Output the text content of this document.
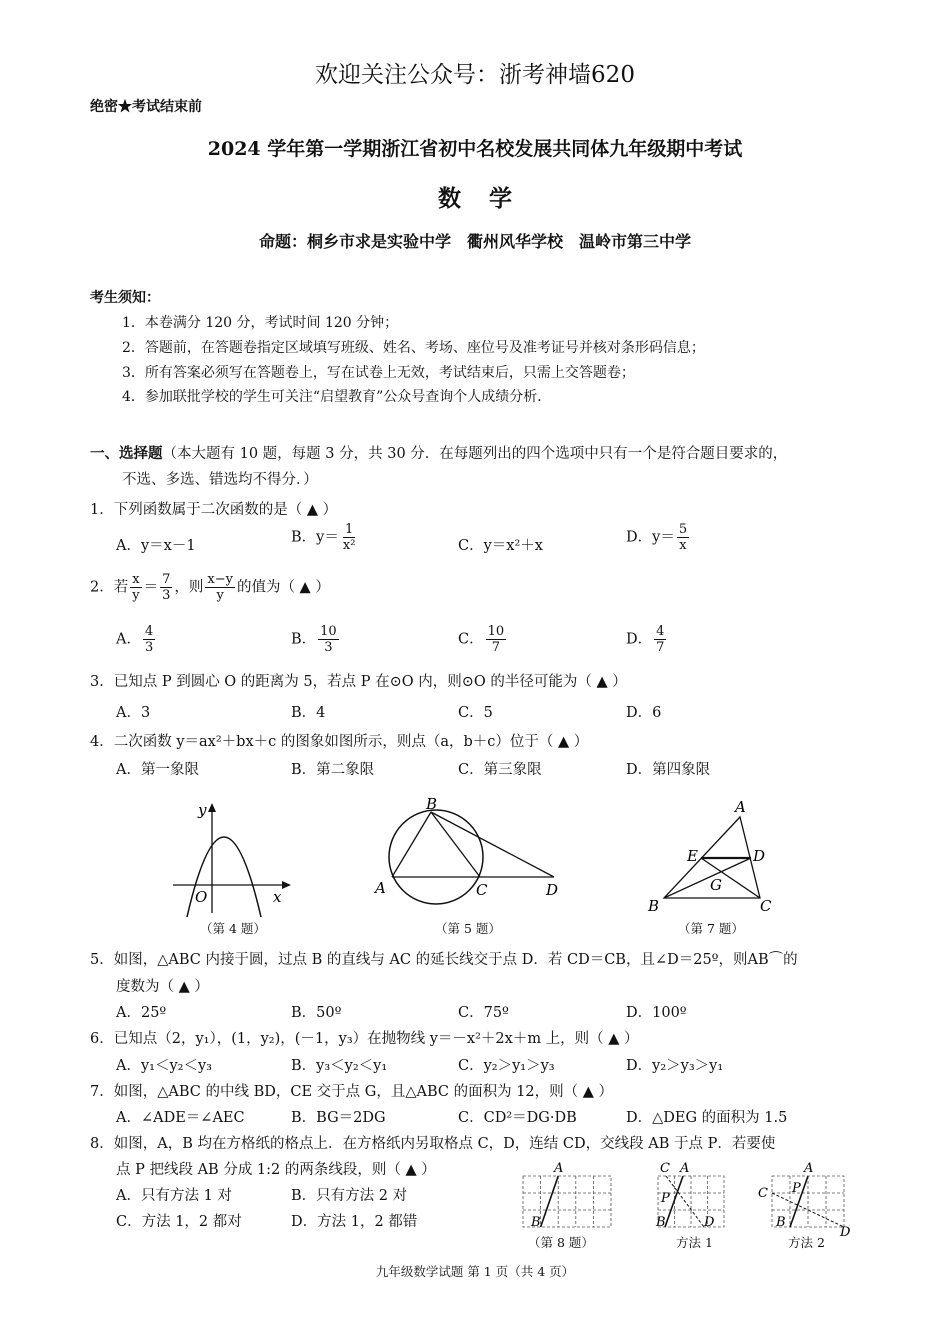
欢迎关注公众号：浙考神墙620
绝密★考试结束前
2024 学年第一学期浙江省初中名校发展共同体九年级期中考试
数学
命题：桐乡市求是实验中学　衢州风华学校　温岭市第三中学
考生须知：
1．本卷满分 120 分，考试时间 120 分钟；
2．答题前，在答题卷指定区域填写班级、姓名、考场、座位号及准考证号并核对条形码信息；
3．所有答案必须写在答题卷上，写在试卷上无效，考试结束后，只需上交答题卷；
4．参加联批学校的学生可关注“启望教育”公众号查询个人成绩分析．
一、选择题（本大题有 10 题，每题 3 分，共 30 分．在每题列出的四个选项中只有一个是符合题目要求的，
不选、多选、错选均不得分．）
1．下列函数属于二次函数的是（ ▲ ）
A．y＝x－1
B．$y= \frac{1}{\text{x²}}$	C．y＝x²＋x
D．$y= \frac{5}{x}$
2．若 $\frac{x}{y} = \frac{7}{3}$ ，则 $\frac{x-y}{y}$ 的值为（ ▲ ）
A． $\frac{4}{3}$	B． $\frac{10}{3}$	C． $\frac{10}{7}$	D． $\frac{4}{7}$
3．已知点 P 到圆心 O 的距离为 5，若点 P 在⊙O 内，则⊙O 的半径可能为（ ▲ ）
A．3	B．4	C．5	D．6
4．二次函数 y＝ax²＋bx＋c 的图象如图所示，则点（a，b＋c）位于（ ▲ ）
A．第一象限	B．第二象限	C．第三象限	D．第四象限
y
x
O
（第 4 题）
A
B
C	D
（第 5 题）
A
B	C
D
E
G
（第 7 题）
5．如图，△ABC 内接于圆，过点 B 的直线与 AC 的延长线交于点 D．若 CD＝CB，且∠D＝25º，则AB⌒的
度数为（ ▲ ）
A．25º	B．50º	C．75º	D．100º
6．已知点（2，y₁），(1，y₂)，(－1，y₃）在抛物线 y＝－x²＋2x＋m 上，则（ ▲ ）
A．y₁＜y₂＜y₃	B．y₃＜y₂＜y₁	C．y₂＞y₁＞y₃	D．y₂＞y₃＞y₁
7．如图，△ABC 的中线 BD，CE 交于点 G，且△ABC 的面积为 12，则（ ▲ ）
A．∠ADE＝∠AEC	B．BG＝2DG	C．CD²＝DG·DB	D．△DEG 的面积为 1.5
8．如图，A，B 均在方格纸的格点上．在方格纸内另取格点 C，D，连结 CD，交线段 AB 于点 P．若要使
点 P 把线段 AB 分成 1:2 的两条线段，则（ ▲ ）
A．只有方法 1 对	B．只有方法 2 对
C．方法 1，2 都对	D．方法 1，2 都错
A
B
C A
P
B	D
C
A
P
B
D
（第 8 题）	方法 1	方法 2
九年级数学试题 第 1 页（共 4 页）
